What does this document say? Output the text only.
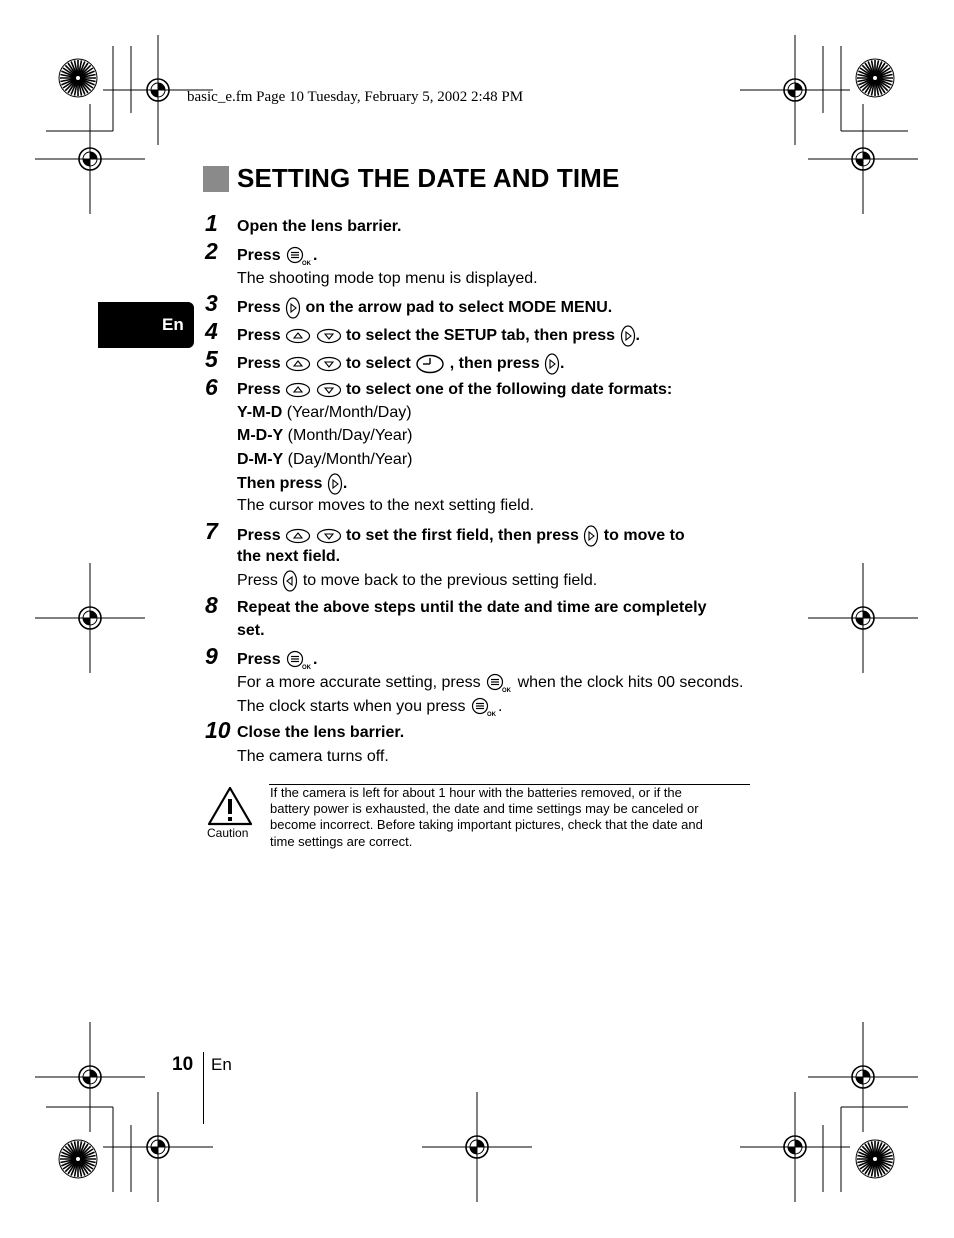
basic_e.fm Page 10 Tuesday, February 5, 2002 2:48 PM
En
SETTING THE DATE AND TIME
1 Open the lens barrier.
2 Press	OK .
The shooting mode top menu is displayed.
3 Press on the arrow pad to select MODE MENU.
4 Press	to select the SETUP tab, then press .
5 Press	to select , then press .
6 Press	to select one of the following date formats:
Y-M-D (Year/Month/Day)
M-D-Y (Month/Day/Year)
D-M-Y (Day/Month/Year)
Then press .
The cursor moves to the next setting field.
7 Press	to set the first field, then press to move to
the next field.
Press to move back to the previous setting field.
8 Repeat the above steps until the date and time are completely
set.
9 Press	OK .
For a more accurate setting, press	OK when the clock hits 00 seconds.
The clock starts when you press	OK .
10 Close the lens barrier.
The camera turns off.
Caution
If the camera is left for about 1 hour with the batteries removed, or if the
battery power is exhausted, the date and time settings may be canceled or
become incorrect. Before taking important pictures, check that the date and
time settings are correct.
10 En
